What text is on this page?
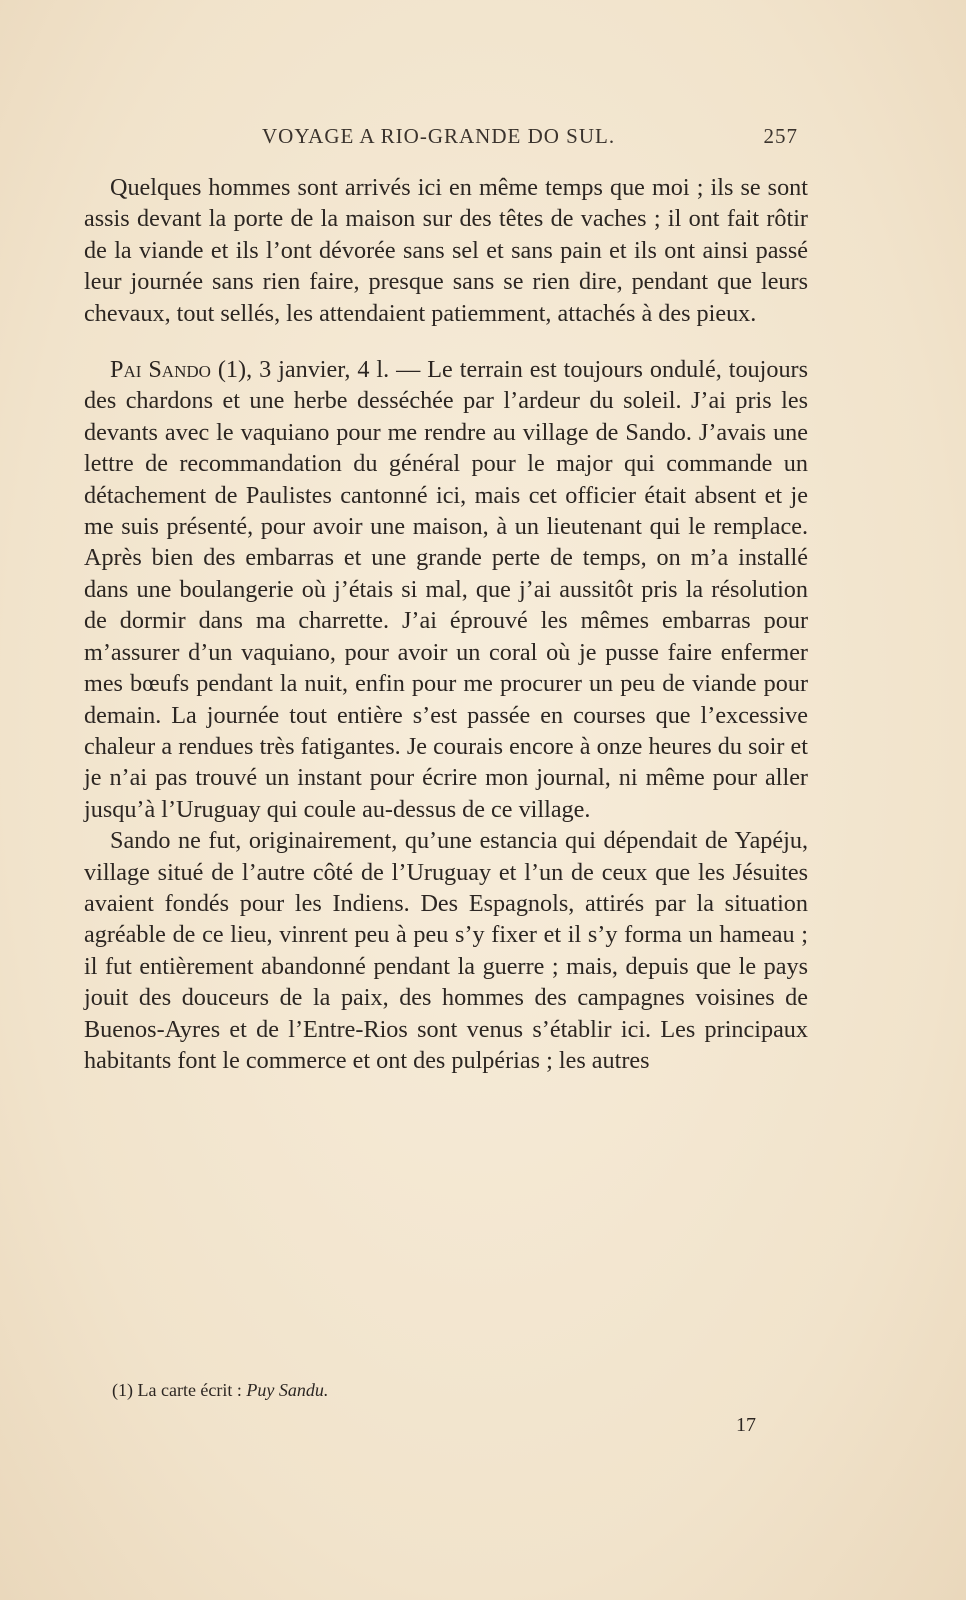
VOYAGE A RIO-GRANDE DO SUL.	257

Quelques hommes sont arrivés ici en même temps que moi ; ils se sont assis devant la porte de la maison sur des têtes de vaches ; il ont fait rôtir de la viande et ils l’ont dévorée sans sel et sans pain et ils ont ainsi passé leur journée sans rien faire, presque sans se rien dire, pendant que leurs chevaux, tout sellés, les attendaient patiemment, attachés à des pieux.

Pai Sando (1), 3 janvier, 4 l. — Le terrain est toujours ondulé, toujours des chardons et une herbe desséchée par l’ardeur du soleil. J’ai pris les devants avec le vaquiano pour me rendre au village de Sando. J’avais une lettre de recommandation du général pour le major qui commande un détachement de Paulistes cantonné ici, mais cet officier était absent et je me suis présenté, pour avoir une maison, à un lieutenant qui le remplace. Après bien des embarras et une grande perte de temps, on m’a installé dans une boulangerie où j’étais si mal, que j’ai aussitôt pris la résolution de dormir dans ma charrette. J’ai éprouvé les mêmes embarras pour m’assurer d’un vaquiano, pour avoir un coral où je pusse faire enfermer mes bœufs pendant la nuit, enfin pour me procurer un peu de viande pour demain. La journée tout entière s’est passée en courses que l’excessive chaleur a rendues très fatigantes. Je courais encore à onze heures du soir et je n’ai pas trouvé un instant pour écrire mon journal, ni même pour aller jusqu’à l’Uruguay qui coule au-dessus de ce village.

Sando ne fut, originairement, qu’une estancia qui dépendait de Yapéju, village situé de l’autre côté de l’Uruguay et l’un de ceux que les Jésuites avaient fondés pour les Indiens. Des Espagnols, attirés par la situation agréable de ce lieu, vinrent peu à peu s’y fixer et il s’y forma un hameau ; il fut entièrement abandonné pendant la guerre ; mais, depuis que le pays jouit des douceurs de la paix, des hommes des campagnes voisines de Buenos-Ayres et de l’Entre-Rios sont venus s’établir ici. Les principaux habitants font le commerce et ont des pulpérias ; les autres

(1) La carte écrit : Puy Sandu.
17
